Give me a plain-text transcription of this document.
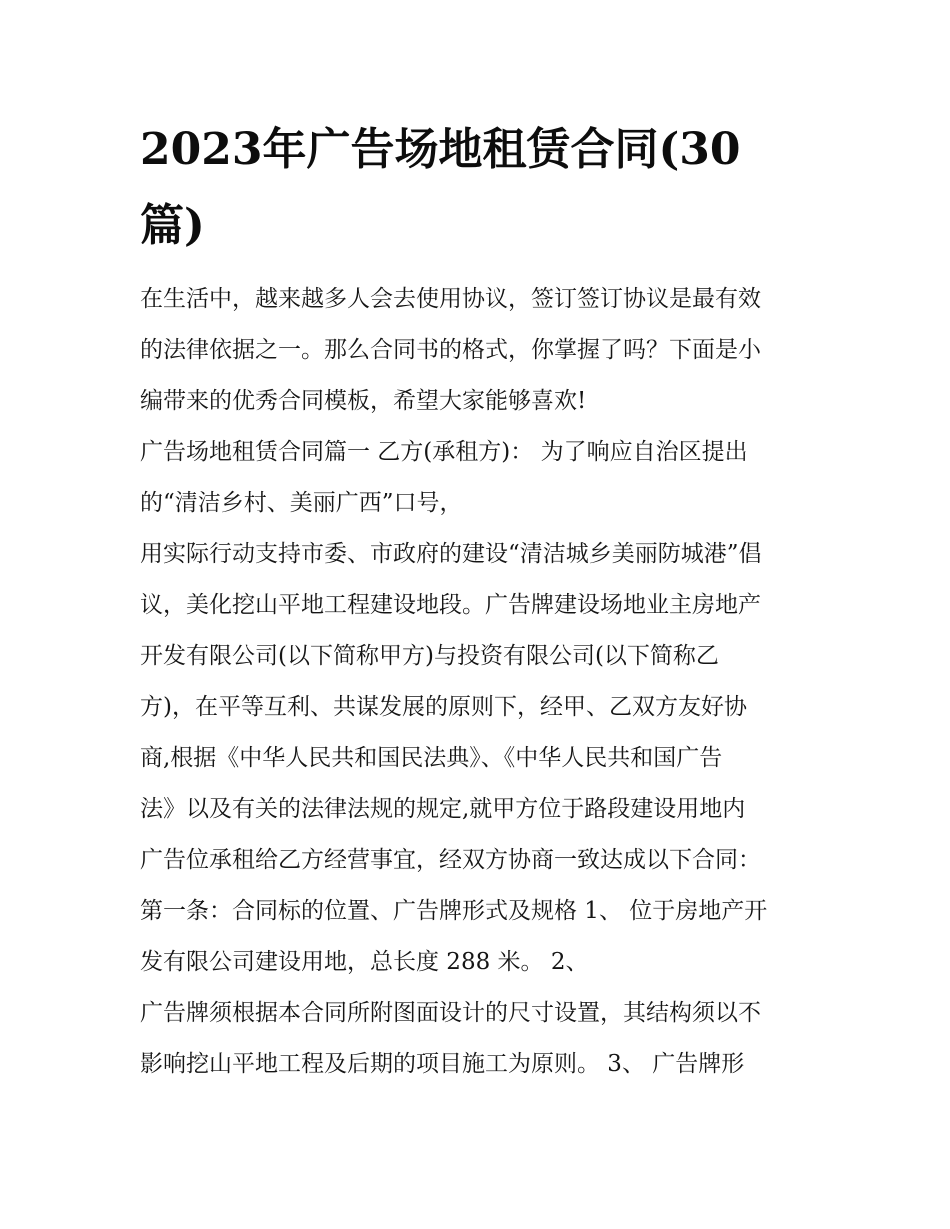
2023年广告场地租赁合同(30
篇)
在生活中，越来越多人会去使用协议，签订签订协议是最有效
的法律依据之一。那么合同书的格式，你掌握了吗？下面是小
编带来的优秀合同模板，希望大家能够喜欢!
广告场地租赁合同篇一 乙方(承租方)： 为了响应自治区提出
的“清洁乡村、美丽广西”口号，
用实际行动支持市委、市政府的建设“清洁城乡美丽防城港”倡
议，美化挖山平地工程建设地段。广告牌建设场地业主房地产
开发有限公司(以下简称甲方)与投资有限公司(以下简称乙
方)，在平等互利、共谋发展的原则下，经甲、乙双方友好协
商,根据《中华人民共和国民法典》、《中华人民共和国广告
法》以及有关的法律法规的规定,就甲方位于路段建设用地内
广告位承租给乙方经营事宜，经双方协商一致达成以下合同：
第一条：合同标的位置、广告牌形式及规格 1、 位于房地产开
发有限公司建设用地，总长度 288 米。 2、
广告牌须根据本合同所附图面设计的尺寸设置，其结构须以不
影响挖山平地工程及后期的项目施工为原则。 3、 广告牌形
